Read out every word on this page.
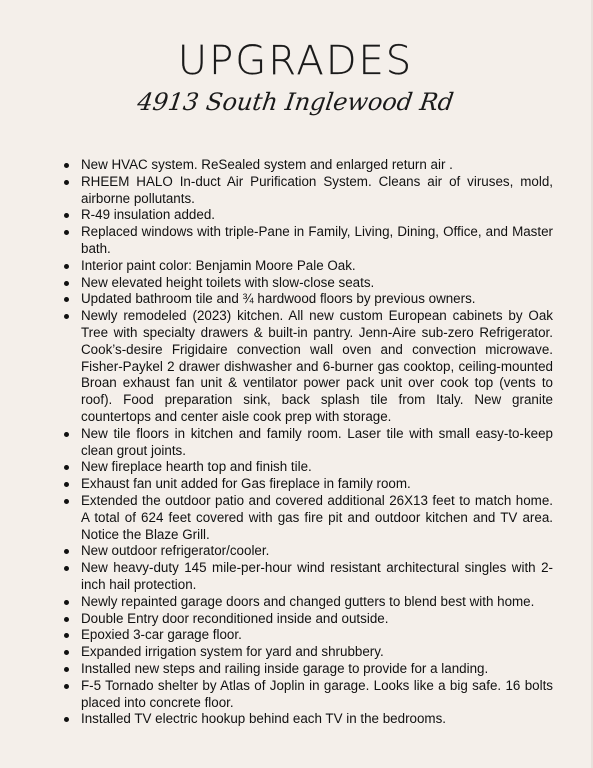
UPGRADES
4913 South Inglewood Rd
New HVAC system. ReSealed system and enlarged return air .
RHEEM HALO In-duct Air Purification System. Cleans air of viruses, mold, airborne pollutants.
R-49 insulation added.
Replaced windows with triple-Pane in Family, Living, Dining, Office, and Master bath.
Interior paint color: Benjamin Moore Pale Oak.
New elevated height toilets with slow-close seats.
Updated bathroom tile and ¾ hardwood floors by previous owners.
Newly remodeled (2023) kitchen. All new custom European cabinets by Oak Tree with specialty drawers & built-in pantry. Jenn-Aire sub-zero Refrigerator. Cook’s-desire Frigidaire convection wall oven and convection microwave. Fisher-Paykel 2 drawer dishwasher and 6-burner gas cooktop, ceiling-mounted Broan exhaust fan unit & ventilator power pack unit over cook top (vents to roof). Food preparation sink, back splash tile from Italy. New granite countertops and center aisle cook prep with storage.
New tile floors in kitchen and family room. Laser tile with small easy-to-keep clean grout joints.
New fireplace hearth top and finish tile.
Exhaust fan unit added for Gas fireplace in family room.
Extended the outdoor patio and covered additional 26X13 feet to match home. A total of 624 feet covered with gas fire pit and outdoor kitchen and TV area. Notice the Blaze Grill.
New outdoor refrigerator/cooler.
New heavy-duty 145 mile-per-hour wind resistant architectural singles with 2-inch hail protection.
Newly repainted garage doors and changed gutters to blend best with home.
Double Entry door reconditioned inside and outside.
Epoxied 3-car garage floor.
Expanded irrigation system for yard and shrubbery.
Installed new steps and railing inside garage to provide for a landing.
F-5 Tornado shelter by Atlas of Joplin in garage. Looks like a big safe. 16 bolts placed into concrete floor.
Installed TV electric hookup behind each TV in the bedrooms.
